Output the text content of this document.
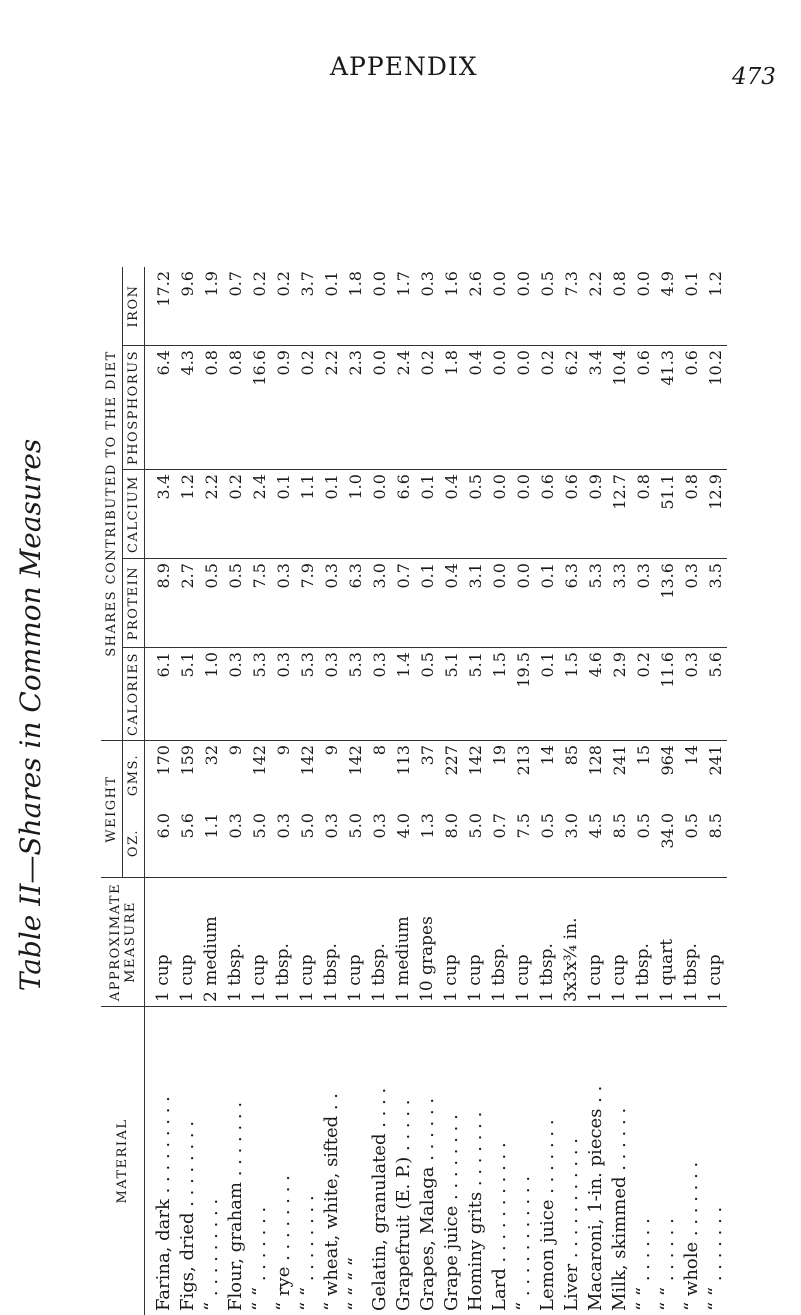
APPENDIX	473
Table II—Shares in Common Measures
MATERIAL	APPROXIMATE MEASURE	WEIGHT		SHARES CONTRIBUTED TO THE DIET				
		OZ.	GMS.	CALORIES	PROTEIN	CALCIUM	PHOSPHORUS	IRON
Farina, dark . . . . . . . . .	1 cup	6.0	170	6.1	8.9	3.4	6.4	17.2
Figs, dried . . . . . . . .	1 cup	5.6	159	5.1	2.7	1.2	4.3	9.6
“ . . . . . . . . .	2 medium	1.1	32	1.0	0.5	2.2	0.8	1.9
Flour, graham . . . . . . .	1 tbsp.	0.3	9	0.3	0.5	0.2	0.8	0.7
“ “ . . . . . . .	1 cup	5.0	142	5.3	7.5	2.4	16.6	0.2
“ rye . . . . . . . .	1 tbsp.	0.3	9	0.3	0.3	0.1	0.9	0.2
“ “ . . . . . . . .	1 cup	5.0	142	5.3	7.9	1.1	0.2	3.7
“ wheat, white, sifted . .	1 tbsp.	0.3	9	0.3	0.3	0.1	2.2	0.1
“ “ “ “	1 cup	5.0	142	5.3	6.3	1.0	2.3	1.8
Gelatin, granulated . . . .	1 tbsp.	0.3	8	0.3	3.0	0.0	0.0	0.0
Grapefruit (E. P.) . . . . .	1 medium	4.0	113	1.4	0.7	6.6	2.4	1.7
Grapes, Malaga . . . . . .	10 grapes	1.3	37	0.5	0.1	0.1	0.2	0.3
Grape juice . . . . . . . .	1 cup	8.0	227	5.1	0.4	0.4	1.8	1.6
Hominy grits . . . . . . .	1 cup	5.0	142	5.1	3.1	0.5	0.4	2.6
Lard . . . . . . . . . . .	1 tbsp.	0.7	19	1.5	0.0	0.0	0.0	0.0
“ . . . . . . . . . . .	1 cup	7.5	213	19.5	0.0	0.0	0.0	0.0
Lemon juice . . . . . . .	1 tbsp.	0.5	14	0.1	0.1	0.6	0.2	0.5
Liver . . . . . . . . . . .	3x3x¾ in.	3.0	85	1.5	6.3	0.6	6.2	7.3
Macaroni, 1-in. pieces . .	1 cup	4.5	128	4.6	5.3	0.9	3.4	2.2
Milk, skimmed . . . . . .	1 cup	8.5	241	2.9	3.3	12.7	10.4	0.8
“ “ . . . . . .	1 tbsp.	0.5	15	0.2	0.3	0.8	0.6	0.0
“ “ . . . . . .	1 quart	34.0	964	11.6	13.6	51.1	41.3	4.9
“ whole . . . . . . .	1 tbsp.	0.5	14	0.3	0.3	0.8	0.6	0.1
“ “ . . . . . . .	1 cup	8.5	241	5.6	3.5	12.9	10.2	1.2
